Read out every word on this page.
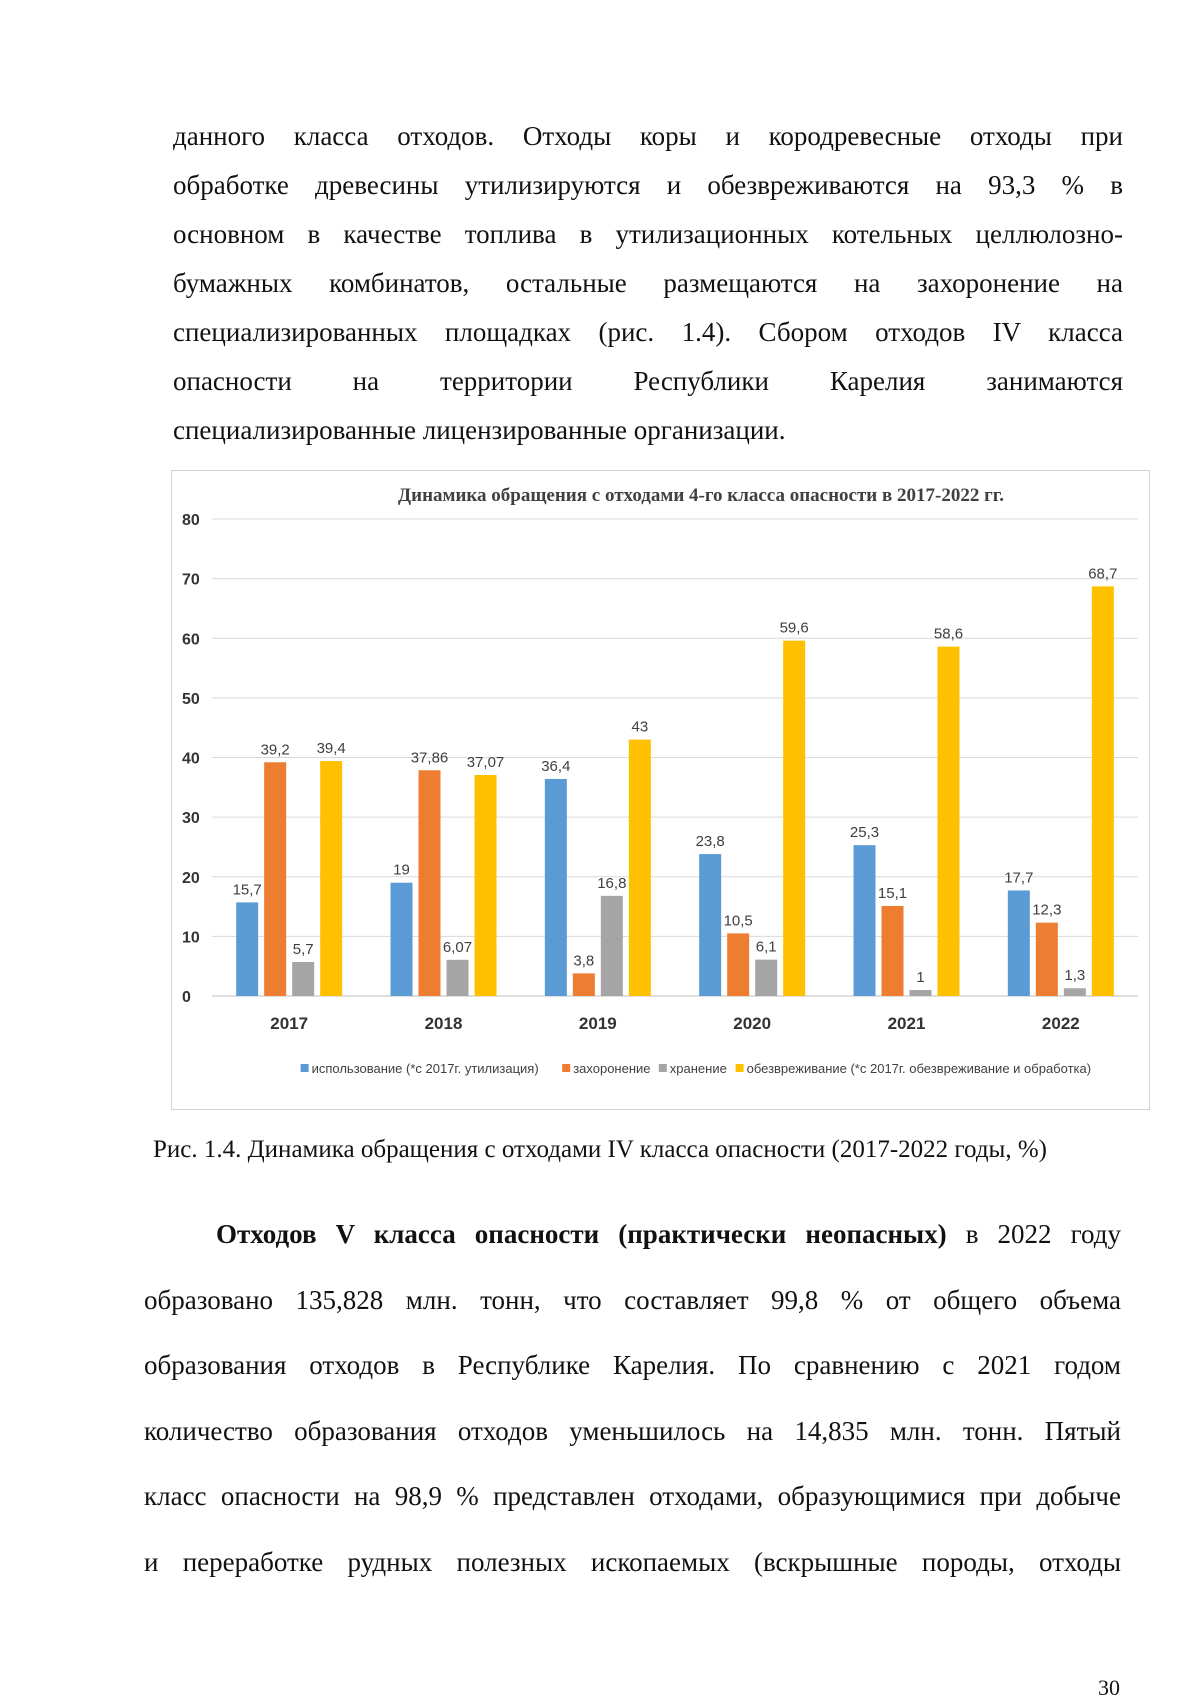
данного класса отходов. Отходы коры и кородревесные отходы при
обработке древесины утилизируются и обезвреживаются на 93,3 % в
основном в качестве топлива в утилизационных котельных целлюлозно-
бумажных комбинатов, остальные размещаются на захоронение на
специализированных площадках (рис. 1.4). Сбором отходов IV класса
опасности на территории Республики Карелия занимаются
специализированные лицензированные организации.
Динамика обращения с отходами 4-го класса опасности в 2017-2022 гг.
0
10
20
30
40
50
60
70
80
15,7
39,2
5,7
39,4
2017
19
37,86
6,07
37,07
2018
36,4
3,8
16,8
43
2019
23,8
10,5
6,1
59,6
2020
25,3
15,1
1
58,6
2021
17,7
12,3
1,3
68,7
2022
использование (*с 2017г. утилизация)	захоронение хранение обезвреживание (*с 2017г. обезвреживание и обработка)
Рис. 1.4. Динамика обращения с отходами IV класса опасности (2017-2022 годы, %)
Отходов V класса опасности (практически неопасных) в 2022 году
образовано 135,828 млн. тонн, что составляет 99,8 % от общего объема
образования отходов в Республике Карелия. По сравнению с 2021 годом
количество образования отходов уменьшилось на 14,835 млн. тонн. Пятый
класс опасности на 98,9 % представлен отходами, образующимися при добыче
и переработке рудных полезных ископаемых (вскрышные породы, отходы
30
